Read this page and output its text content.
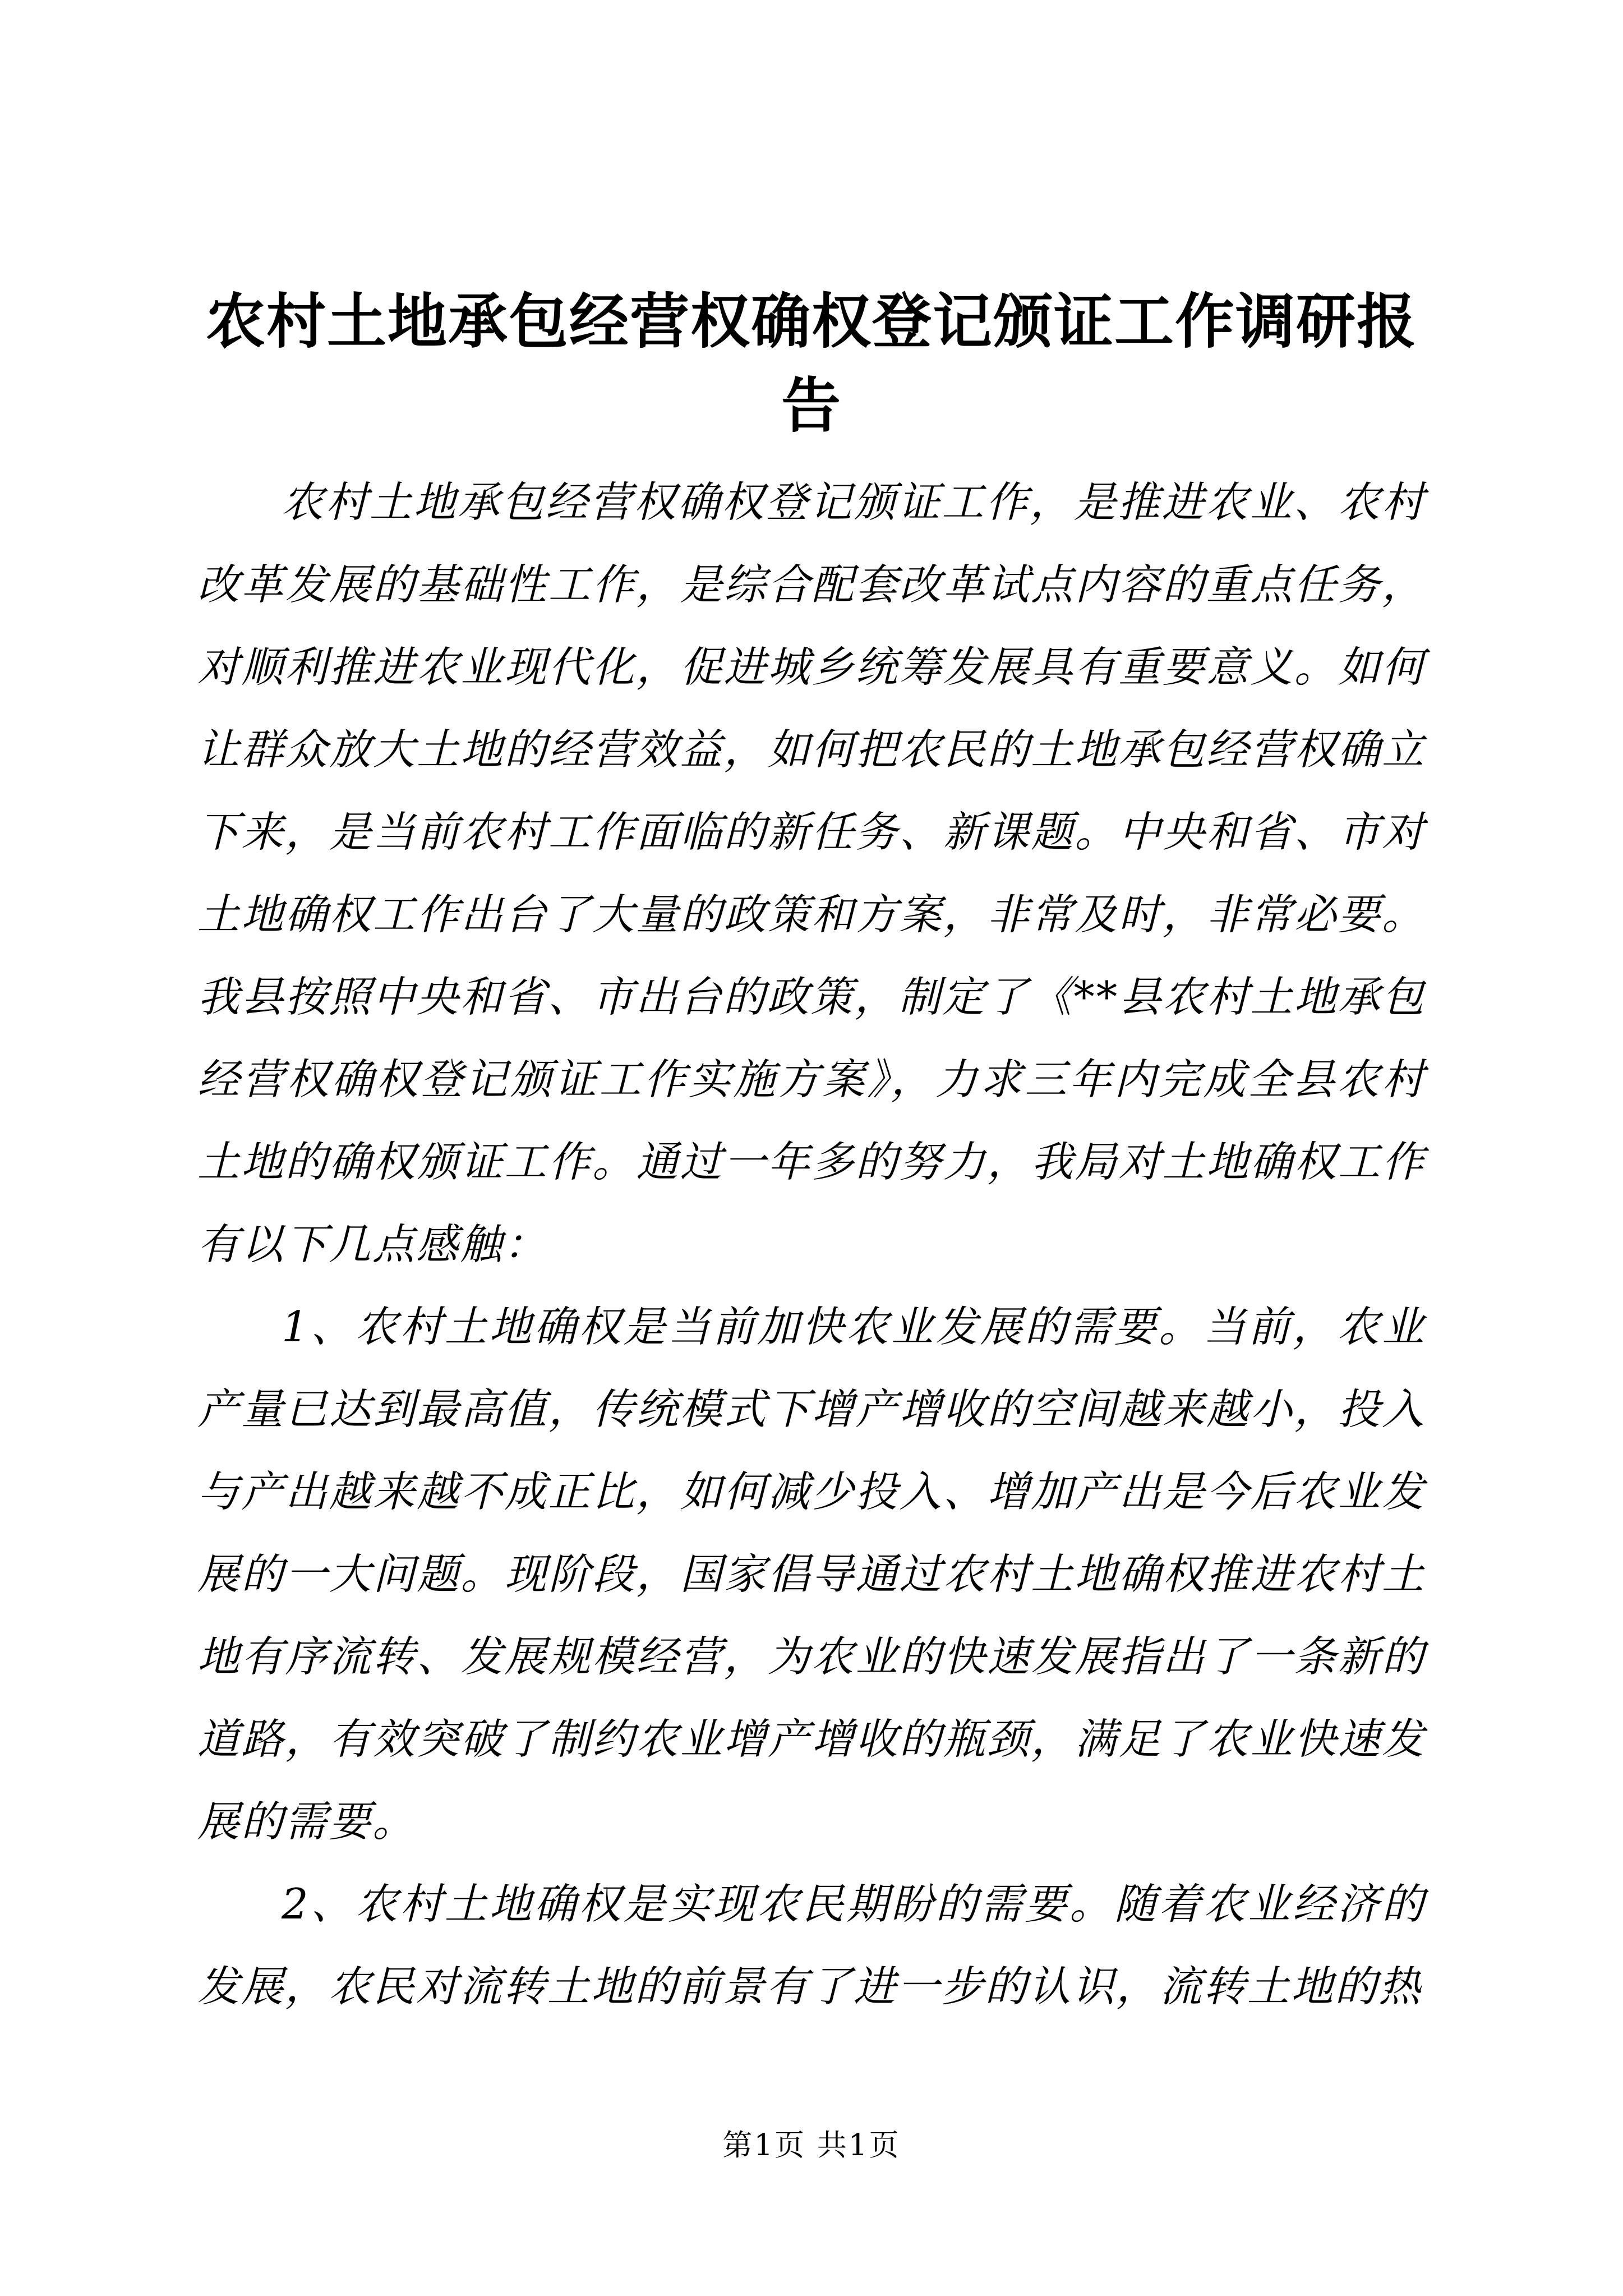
农村土地承包经营权确权登记颁证工作调研报告

农村土地承包经营权确权登记颁证工作，是推进农业、农村改革发展的基础性工作，是综合配套改革试点内容的重点任务，对顺利推进农业现代化，促进城乡统筹发展具有重要意义。如何让群众放大土地的经营效益，如何把农民的土地承包经营权确立下来，是当前农村工作面临的新任务、新课题。中央和省、市对土地确权工作出台了大量的政策和方案，非常及时，非常必要。我县按照中央和省、市出台的政策，制定了《**县农村土地承包经营权确权登记颁证工作实施方案》，力求三年内完成全县农村土地的确权颁证工作。通过一年多的努力，我局对土地确权工作有以下几点感触：

1、农村土地确权是当前加快农业发展的需要。当前，农业产量已达到最高值，传统模式下增产增收的空间越来越小，投入与产出越来越不成正比，如何减少投入、增加产出是今后农业发展的一大问题。现阶段，国家倡导通过农村土地确权推进农村土地有序流转、发展规模经营，为农业的快速发展指出了一条新的道路，有效突破了制约农业增产增收的瓶颈，满足了农业快速发展的需要。

2、农村土地确权是实现农民期盼的需要。随着农业经济的发展，农民对流转土地的前景有了进一步的认识，流转土地的热

第1页 共1页
